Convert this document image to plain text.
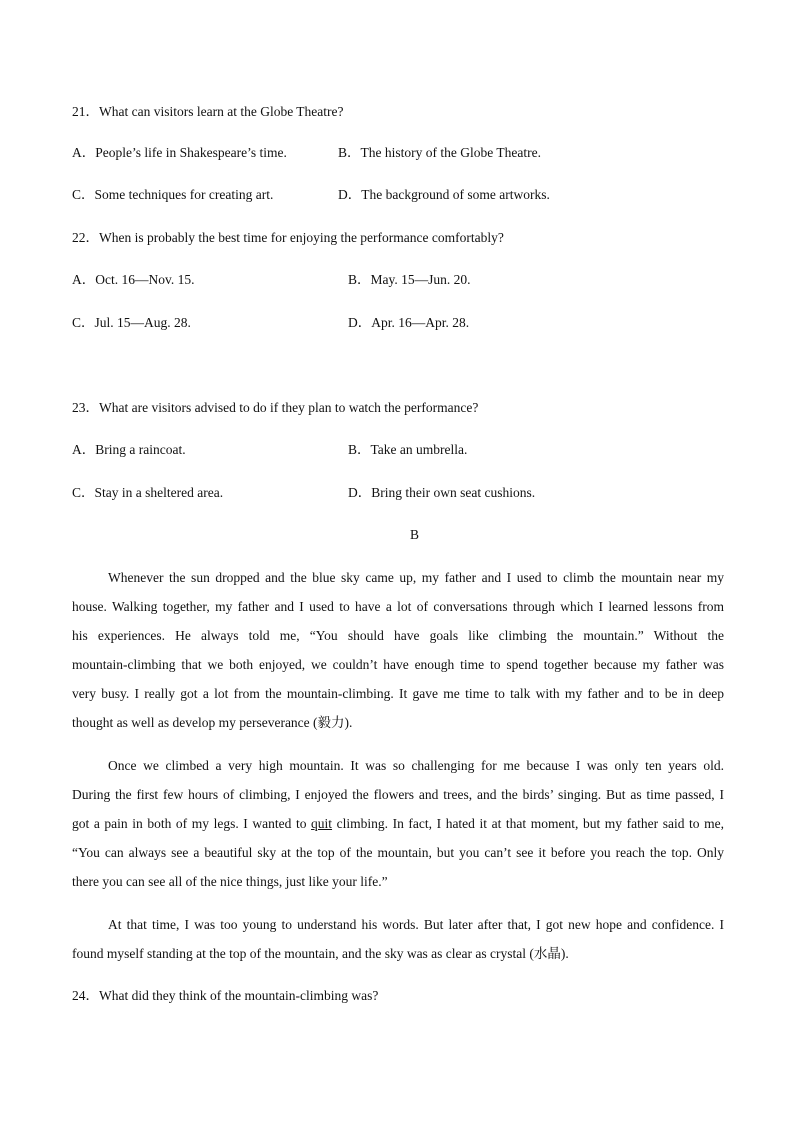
21．What can visitors learn at the Globe Theatre?
A．People’s life in Shakespeare’s time.	B．The history of the Globe Theatre.
C．Some techniques for creating art.	D．The background of some artworks.
22．When is probably the best time for enjoying the performance comfortably?
A．Oct. 16—Nov. 15.	B．May. 15—Jun. 20.
C．Jul. 15—Aug. 28.	D．Apr. 16—Apr. 28.
23．What are visitors advised to do if they plan to watch the performance?
A．Bring a raincoat.	B．Take an umbrella.
C．Stay in a sheltered area.	D．Bring their own seat cushions.
B
Whenever the sun dropped and the blue sky came up, my father and I used to climb the mountain near my
house. Walking together, my father and I used to have a lot of conversations through which I learned lessons from
his experiences. He always told me, “You should have goals like climbing the mountain.” Without the
mountain-climbing that we both enjoyed, we couldn’t have enough time to spend together because my father was
very busy. I really got a lot from the mountain-climbing. It gave me time to talk with my father and to be in deep
thought as well as develop my perseverance (毅力).
Once we climbed a very high mountain. It was so challenging for me because I was only ten years old.
During the first few hours of climbing, I enjoyed the flowers and trees, and the birds’ singing. But as time passed, I
got a pain in both of my legs. I wanted to quit climbing. In fact, I hated it at that moment, but my father said to me,
“You can always see a beautiful sky at the top of the mountain, but you can’t see it before you reach the top. Only
there you can see all of the nice things, just like your life.”
At that time, I was too young to understand his words. But later after that, I got new hope and confidence. I
found myself standing at the top of the mountain, and the sky was as clear as crystal (水晶).
24．What did they think of the mountain-climbing was?
